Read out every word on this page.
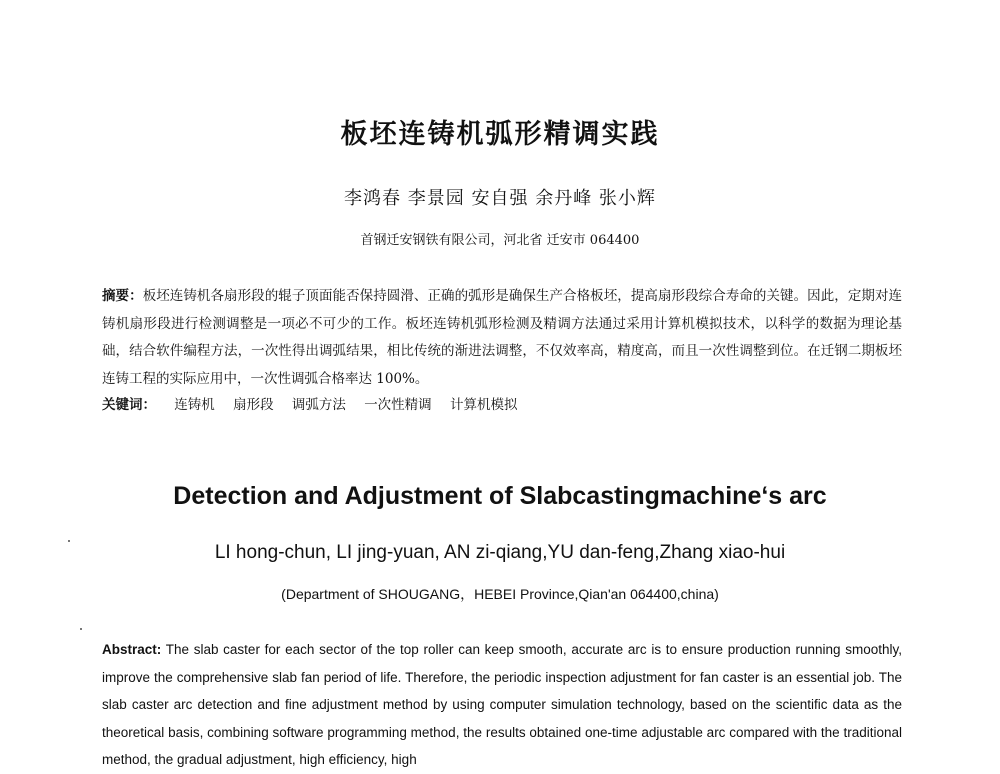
板坯连铸机弧形精调实践
李鸿春 李景园 安自强 余丹峰 张小辉
首钢迁安钢铁有限公司，河北省 迁安市 064400
摘要：板坯连铸机各扇形段的辊子顶面能否保持圆滑、正确的弧形是确保生产合格板坯，提高扇形段综合寿命的关键。因此，定期对连铸机扇形段进行检测调整是一项必不可少的工作。板坯连铸机弧形检测及精调方法通过采用计算机模拟技术，以科学的数据为理论基础，结合软件编程方法，一次性得出调弧结果，相比传统的渐进法调整，不仅效率高，精度高，而且一次性调整到位。在迁钢二期板坯连铸工程的实际应用中，一次性调弧合格率达 100%。
关键词： 连铸机 扇形段 调弧方法 一次性精调 计算机模拟
Detection and Adjustment of Slabcastingmachine‘s arc
LI hong-chun, LI jing-yuan, AN zi-qiang,YU dan-feng,Zhang xiao-hui
(Department of SHOUGANG，HEBEI Province,Qian'an 064400,china)
Abstract: The slab caster for each sector of the top roller can keep smooth, accurate arc is to ensure production running smoothly, improve the comprehensive slab fan period of life. Therefore, the periodic inspection adjustment for fan caster is an essential job. The slab caster arc detection and fine adjustment method by using computer simulation technology, based on the scientific data as the theoretical basis, combining software programming method, the results obtained one-time adjustable arc compared with the traditional method, the gradual adjustment, high efficiency, high
